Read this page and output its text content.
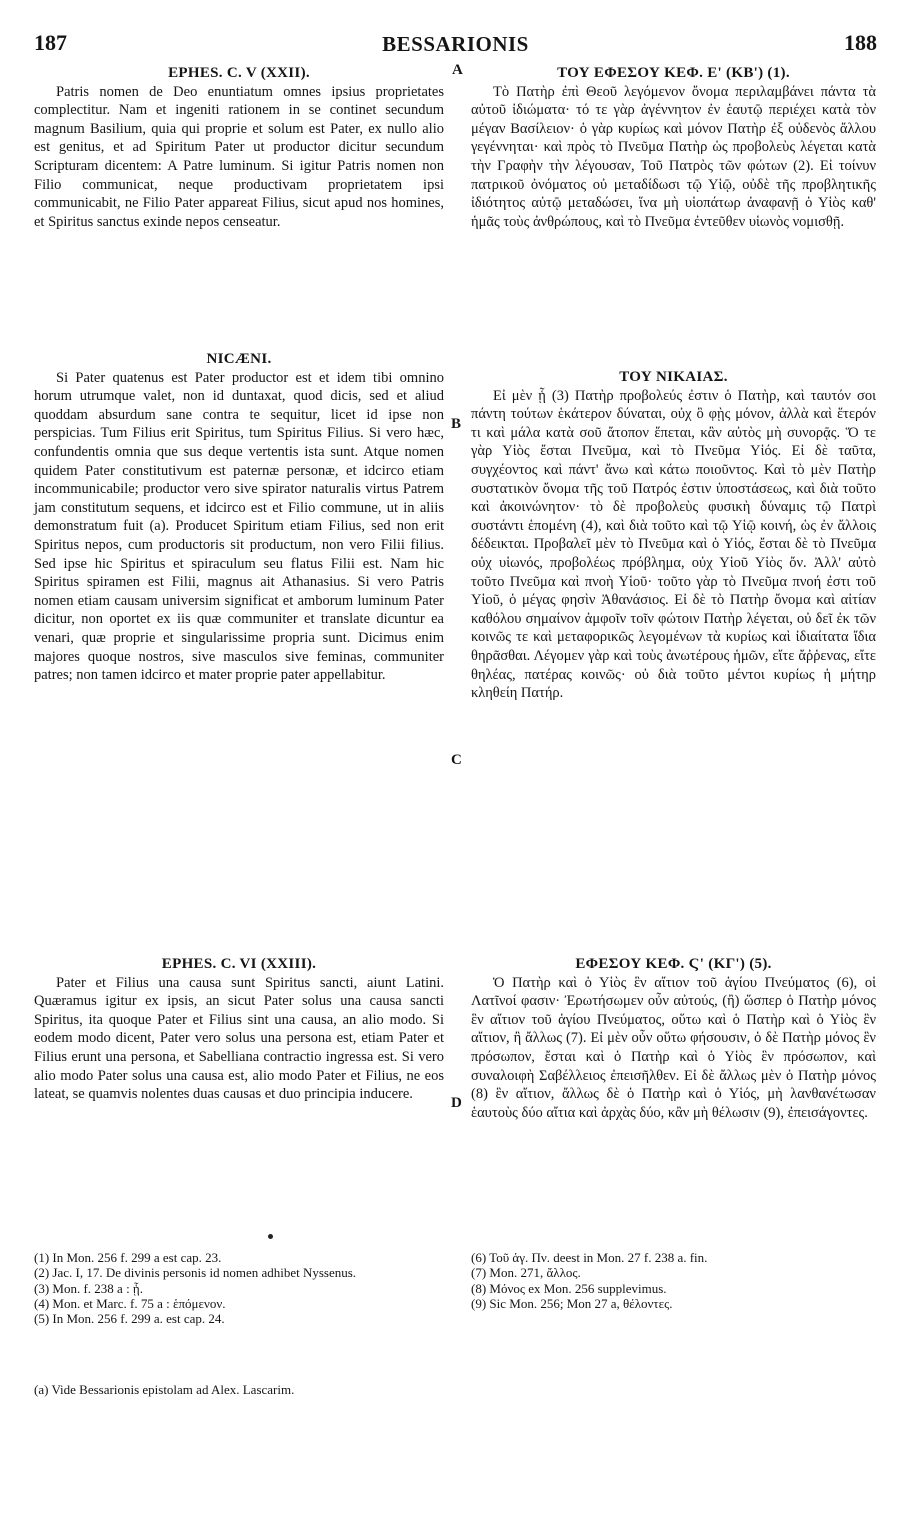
187	BESSARIONIS	188
A
B
C
D
EPHES. C. V (XXII).

Patris nomen de Deo enuntiatum omnes ipsius proprietates complectitur. Nam et ingeniti rationem in se continet secundum magnum Basilium, quia qui proprie et solum est Pater, ex nullo alio est genitus, et ad Spiritum Pater ut productor dicitur secundum Scripturam dicentem: A Patre luminum. Si igitur Patris nomen non Filio communicat, neque productivam proprietatem ipsi communicabit, ne Filio Pater appareat Filius, sicut apud nos homines, et Spiritus sanctus exinde nepos censeatur.

NICÆNI.

Si Pater quatenus est Pater productor est et idem tibi omnino horum utrumque valet, non id duntaxat, quod dicis, sed et aliud quoddam absurdum sane contra te sequitur, licet id ipse non perspicias. Tum Filius erit Spiritus, tum Spiritus Filius. Si vero hæc, confundentis omnia que sus deque vertentis ista sunt. Atque nomen quidem Pater constitutivum est paternæ personæ, et idcirco etiam incommunicabile; productor vero sive spirator naturalis virtus Patrem jam constitutum sequens, et idcirco est et Filio commune, ut in aliis demonstratum fuit (a). Producet Spiritum etiam Filius, sed non erit Spiritus nepos, cum productoris sit productum, non vero Filii filius. Sed ipse hic Spiritus et spiraculum seu flatus Filii est. Nam hic Spiritus spiramen est Filii, magnus ait Athanasius. Si vero Patris nomen etiam causam universim significat et amborum luminum Pater dicitur, non oportet ex iis quæ communiter et translate dicuntur ea venari, quæ proprie et singularissime propria sunt. Dicimus enim majores quoque nostros, sive masculos sive feminas, communiter patres; non tamen idcirco et mater proprie pater appellabitur.

EPHES. C. VI (XXIII).

Pater et Filius una causa sunt Spiritus sancti, aiunt Latini. Quæramus igitur ex ipsis, an sicut Pater solus una causa sancti Spiritus, ita quoque Pater et Filius sint una causa, an alio modo. Si eodem modo dicent, Pater vero solus una persona est, etiam Pater et Filius erunt una persona, et Sabelliana contractio ingressa est. Si vero alio modo Pater solus una causa est, alio modo Pater et Filius, ne eos lateat, se quamvis nolentes duas causas et duo principia inducere.

ΤΟΥ ΕΦΕΣΟΥ ΚΕΦ. Ε' (ΚΒ') (1).

Τὸ Πατὴρ ἐπὶ Θεοῦ λεγόμενον ὄνομα περιλαμβάνει πάντα τὰ αὐτοῦ ἰδιώματα· τό τε γὰρ ἀγέννητον ἐν ἑαυτῷ περιέχει κατὰ τὸν μέγαν Βασίλειον· ὁ γὰρ κυρίως καὶ μόνον Πατὴρ ἐξ οὐδενὸς ἄλλου γεγέννηται· καὶ πρὸς τὸ Πνεῦμα Πατὴρ ὡς προβολεὺς λέγεται κατὰ τὴν Γραφὴν τὴν λέγουσαν, Τοῦ Πατρὸς τῶν φώτων (2). Εἰ τοίνυν πατρικοῦ ὀνόματος οὐ μεταδίδωσι τῷ Υἱῷ, οὐδὲ τῆς προβλητικῆς ἰδιότητος αὐτῷ μεταδώσει, ἵνα μὴ υἱοπάτωρ ἀναφανῇ ὁ Υἱὸς καθ' ἡμᾶς τοὺς ἀνθρώπους, καὶ τὸ Πνεῦμα ἐντεῦθεν υἱωνὸς νομισθῇ.

ΤΟΥ ΝΙΚΑΙΑΣ.

Εἰ μὲν ᾗ (3) Πατὴρ προβολεύς ἐστιν ὁ Πατὴρ, καὶ ταυτόν σοι πάντη τούτων ἑκάτερον δύναται, οὐχ ὃ φῂς μόνον, ἀλλὰ καὶ ἕτερόν τι καὶ μάλα κατὰ σοῦ ἄτοπον ἕπεται, κἂν αὐτὸς μὴ συνορᾷς. Ὅ τε γὰρ Υἱὸς ἔσται Πνεῦμα, καὶ τὸ Πνεῦμα Υἱός. Εἰ δὲ ταῦτα, συγχέοντος καὶ πάντ' ἄνω καὶ κάτω ποιοῦντος. Καὶ τὸ μὲν Πατὴρ συστατικὸν ὄνομα τῆς τοῦ Πατρός ἐστιν ὑποστάσεως, καὶ διὰ τοῦτο καὶ ἀκοινώνητον· τὸ δὲ προβολεὺς φυσικὴ δύναμις τῷ Πατρὶ συστάντι ἑπομένη (4), καὶ διὰ τοῦτο καὶ τῷ Υἱῷ κοινή, ὡς ἐν ἄλλοις δέδεικται. Προβαλεῖ μὲν τὸ Πνεῦμα καὶ ὁ Υἱός, ἔσται δὲ τὸ Πνεῦμα οὐχ υἱωνός, προβολέως πρόβλημα, οὐχ Υἱοῦ Υἱὸς ὄν. Ἀλλ' αὐτὸ τοῦτο Πνεῦμα καὶ πνοὴ Υἱοῦ· τοῦτο γὰρ τὸ Πνεῦμα πνοή ἐστι τοῦ Υἱοῦ, ὁ μέγας φησὶν Ἀθανάσιος. Εἰ δὲ τὸ Πατὴρ ὄνομα καὶ αἰτίαν καθόλου σημαίνον ἀμφοῖν τοῖν φώτοιν Πατὴρ λέγεται, οὐ δεῖ ἐκ τῶν κοινῶς τε καὶ μεταφορικῶς λεγομένων τὰ κυρίως καὶ ἰδιαίτατα ἴδια θηρᾶσθαι. Λέγομεν γὰρ καὶ τοὺς ἀνωτέρους ἡμῶν, εἴτε ἄῤῥενας, εἴτε θηλέας, πατέρας κοινῶς· οὐ διὰ τοῦτο μέντοι κυρίως ἡ μήτηρ κληθείη Πατήρ.

ΕΦΕΣΟΥ ΚΕΦ. Ϛ' (ΚΓ') (5).

Ὁ Πατὴρ καὶ ὁ Υἱὸς ἓν αἴτιον τοῦ ἁγίου Πνεύματος (6), οἱ Λατῖνοί φασιν· Ἐρωτήσωμεν οὖν αὐτούς, (ἢ) ὥσπερ ὁ Πατὴρ μόνος ἓν αἴτιον τοῦ ἁγίου Πνεύματος, οὕτω καὶ ὁ Πατὴρ καὶ ὁ Υἱὸς ἓν αἴτιον, ἢ ἄλλως (7). Εἰ μὲν οὖν οὕτω φήσουσιν, ὁ δὲ Πατὴρ μόνος ἓν πρόσωπον, ἔσται καὶ ὁ Πατὴρ καὶ ὁ Υἱὸς ἓν πρόσωπον, καὶ συναλοιφὴ Σαβέλλειος ἐπεισῆλθεν. Εἰ δὲ ἄλλως μὲν ὁ Πατὴρ μόνος (8) ἓν αἴτιον, ἄλλως δὲ ὁ Πατὴρ καὶ ὁ Υἱός, μὴ λανθανέτωσαν ἑαυτοὺς δύο αἴτια καὶ ἀρχὰς δύο, κἂν μὴ θέλωσιν (9), ἐπεισάγοντες.

(1) In Mon. 256 f. 299 a est cap. 23.
(2) Jac. I, 17. De divinis personis id nomen adhibet Nyssenus.
(3) Mon. f. 238 a : ᾗ.
(4) Mon. et Marc. f. 75 a : ἑπόμενον.
(5) In Mon. 256 f. 299 a. est cap. 24.
(6) Τοῦ ἁγ. Πν. deest in Mon. 27 f. 238 a. fin.
(7) Mon. 271, ἄλλος.
(8) Μόνος ex Mon. 256 supplevimus.
(9) Sic Mon. 256; Mon 27 a, θέλοντες.
(a) Vide Bessarionis epistolam ad Alex. Lascarim.
